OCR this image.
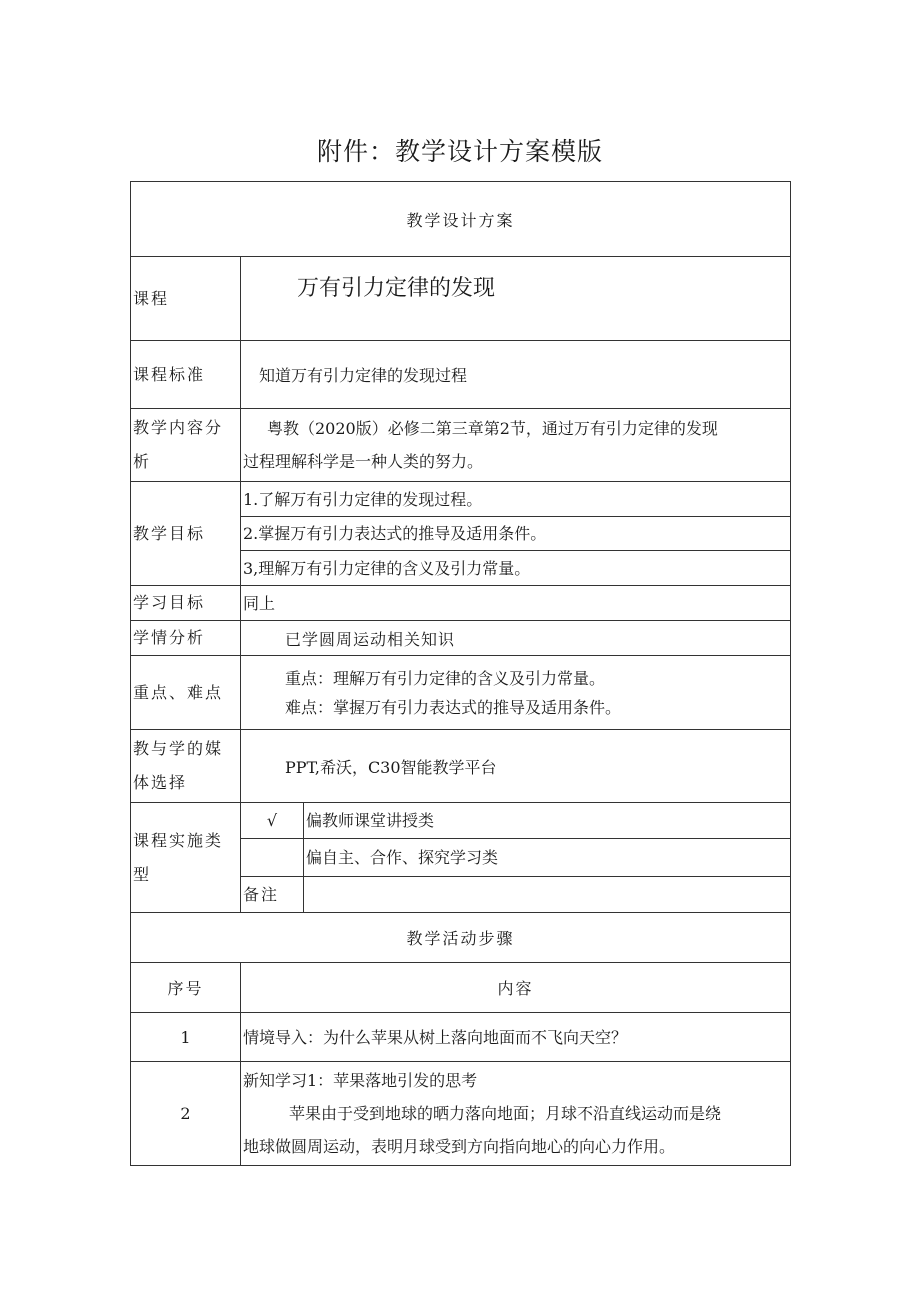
附件：教学设计方案模版
教学设计方案		
课程	万有引力定律的发现	
课程标准	知道万有引力定律的发现过程	
教学内容分析	粤教（2020版）必修二第三章第2节，通过万有引力定律的发现
过程理解科学是一种人类的努力。	

教学目标	1.了解万有引力定律的发现过程。	
	2.掌握万有引力表达式的推导及适用条件。	
	3,理解万有引力定律的含义及引力常量。	
学习目标	同上	
学情分析	已学圆周运动相关知识	
重点、难点	重点：理解万有引力定律的含义及引力常量。
难点：掌握万有引力表达式的推导及适用条件。	

教与学的媒体选择	PPT,希沃，C30智能教学平台	
课程实施类型	√	偏教师课堂讲授类
		偏自主、合作、探究学习类
	备注	
教学活动步骤		
序号	内容	
1	情境导入：为什么苹果从树上落向地面而不飞向天空？	
2	新知学习1：苹果落地引发的思考
苹果由于受到地球的晒力落向地面；月球不沿直线运动而是绕
地球做圆周运动，表明月球受到方向指向地心的向心力作用。	
